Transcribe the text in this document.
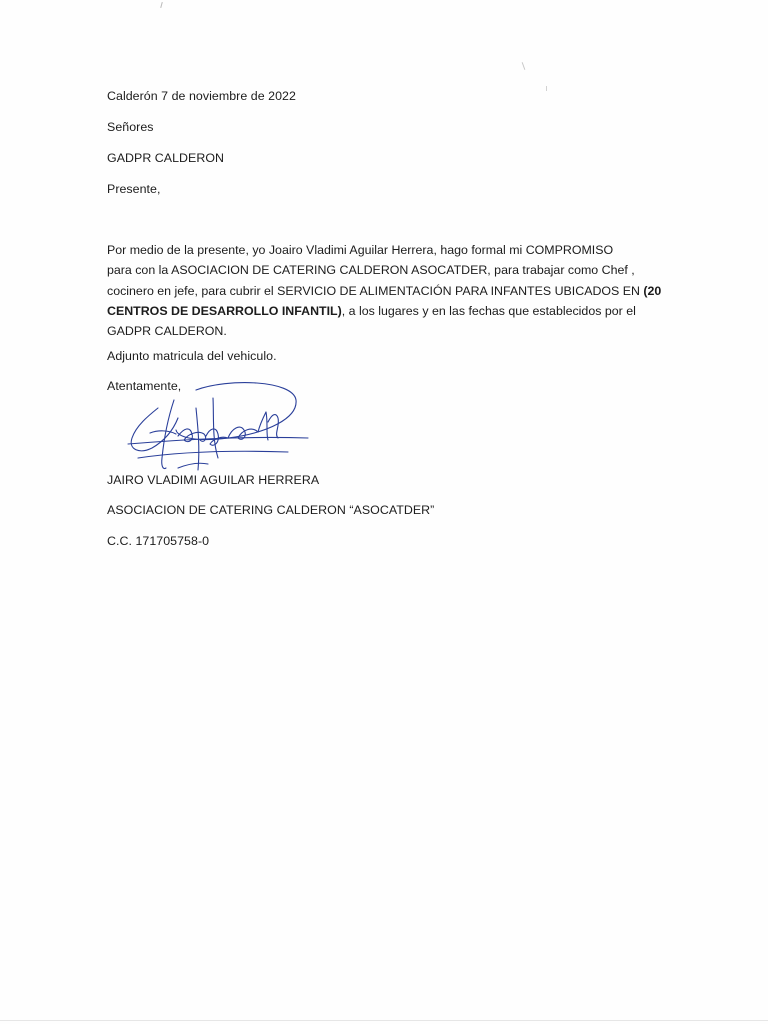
Calderón 7 de noviembre de 2022
Señores
GADPR CALDERON
Presente,
Por medio de la presente, yo Joairo Vladimi Aguilar Herrera, hago formal mi COMPROMISO
para con la ASOCIACION DE CATERING CALDERON ASOCATDER, para trabajar como Chef ,
cocinero en jefe, para cubrir el SERVICIO DE ALIMENTACIÓN PARA INFANTES UBICADOS EN (20
CENTROS DE DESARROLLO INFANTIL), a los lugares y en las fechas que establecidos por el
GADPR CALDERON.
Adjunto matricula del vehiculo.
Atentamente,
JAIRO VLADIMI AGUILAR HERRERA
ASOCIACION DE CATERING CALDERON “ASOCATDER”
C.C. 171705758-0
